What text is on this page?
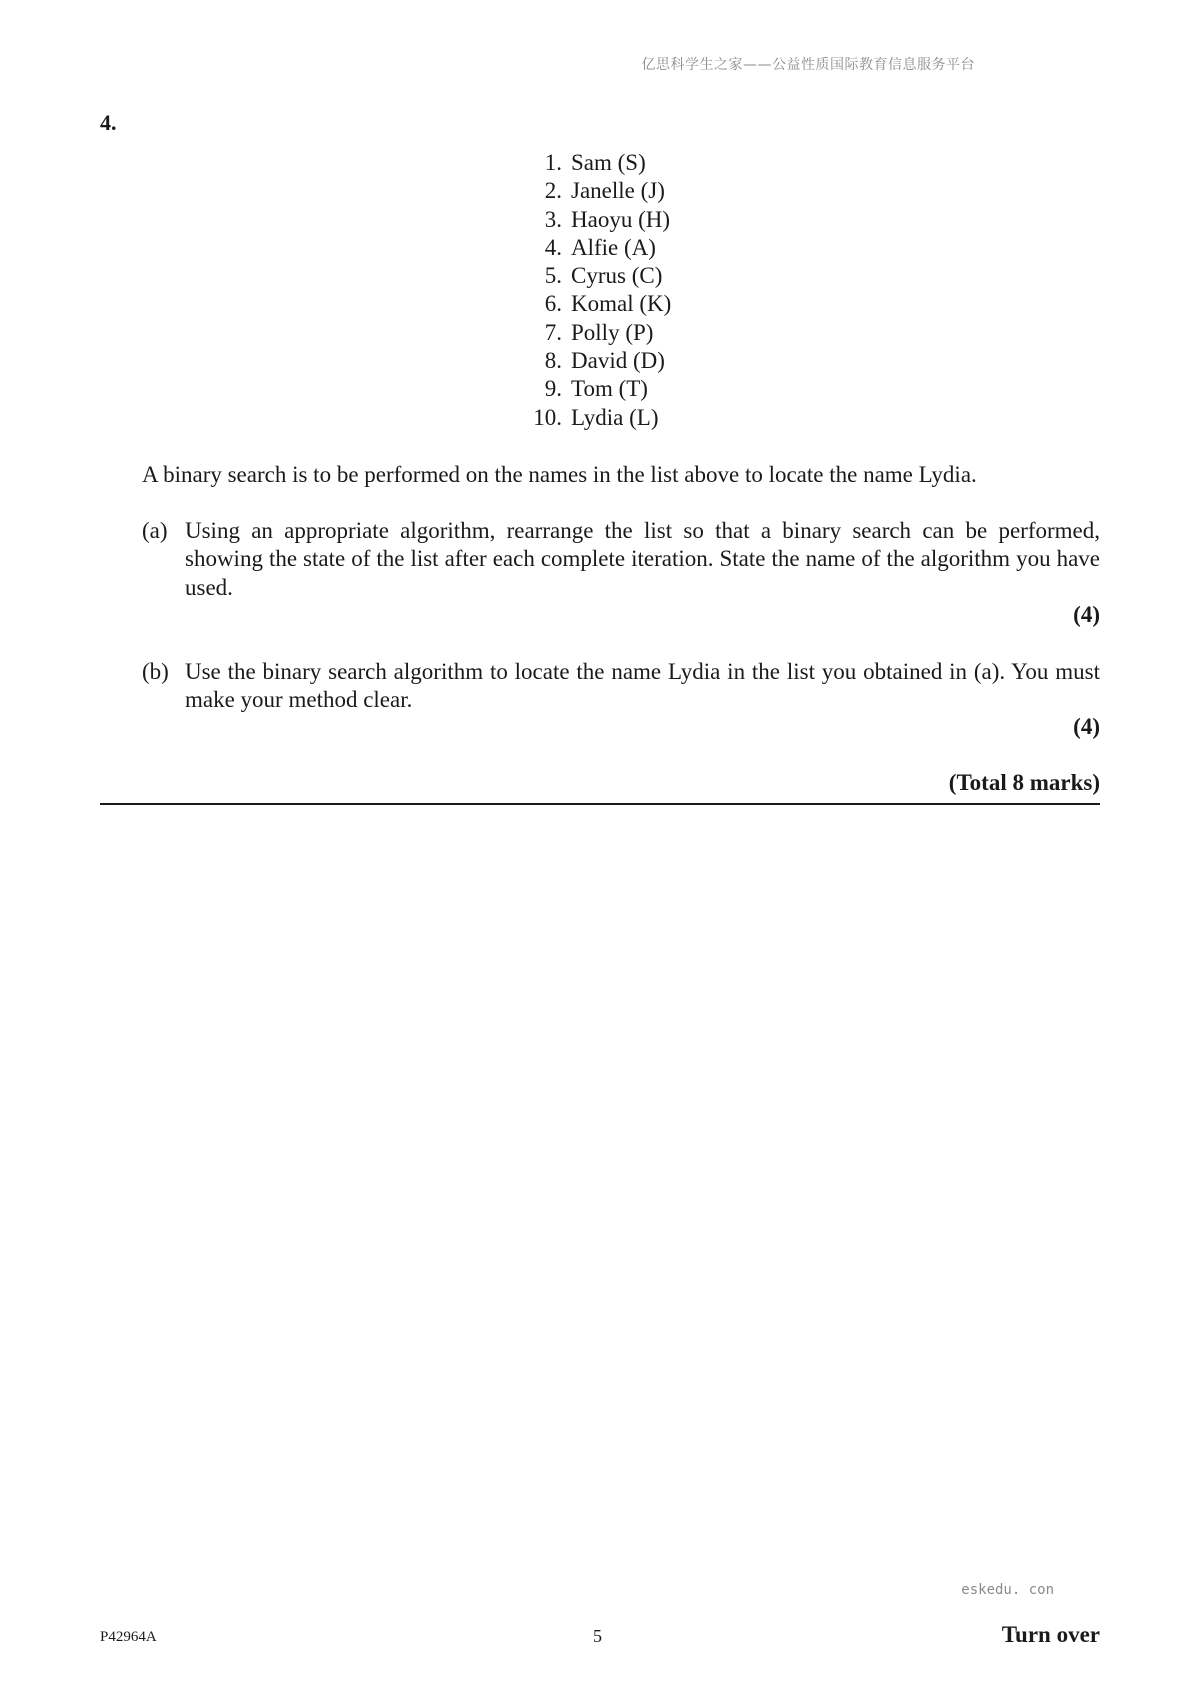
亿思科学生之家——公益性质国际教育信息服务平台
4.
1. Sam (S)
2. Janelle (J)
3. Haoyu (H)
4. Alfie (A)
5. Cyrus (C)
6. Komal (K)
7. Polly (P)
8. David (D)
9. Tom (T)
10. Lydia (L)
A binary search is to be performed on the names in the list above to locate the name Lydia.
(a) Using an appropriate algorithm, rearrange the list so that a binary search can be performed, showing the state of the list after each complete iteration. State the name of the algorithm you have used.
(4)
(b) Use the binary search algorithm to locate the name Lydia in the list you obtained in (a). You must make your method clear.
(4)
(Total 8 marks)
eskedu. con
P42964A	5	Turn over
